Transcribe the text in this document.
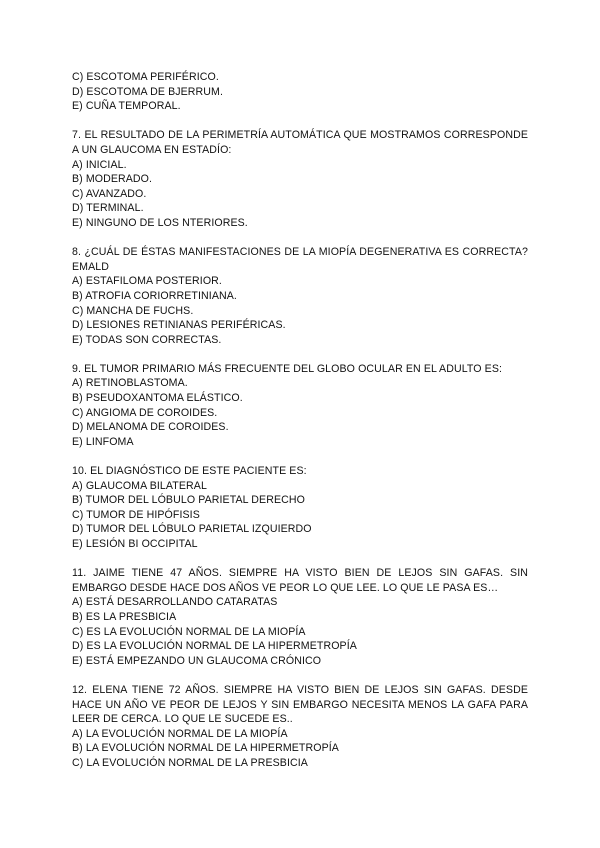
C) ESCOTOMA PERIFÉRICO.
D) ESCOTOMA DE BJERRUM.
E) CUÑA TEMPORAL.
7. EL RESULTADO DE LA PERIMETRÍA AUTOMÁTICA QUE MOSTRAMOS CORRESPONDE A UN GLAUCOMA EN ESTADÍO:
A) INICIAL.
B) MODERADO.
C) AVANZADO.
D) TERMINAL.
E) NINGUNO DE LOS NTERIORES.
8. ¿CUÁL DE ÉSTAS MANIFESTACIONES DE LA MIOPÍA DEGENERATIVA ES CORRECTA? EMALD
A) ESTAFILOMA POSTERIOR.
B) ATROFIA CORIORRETINIANA.
C) MANCHA DE FUCHS.
D) LESIONES RETINIANAS PERIFÉRICAS.
E) TODAS SON CORRECTAS.
9. EL TUMOR PRIMARIO MÁS FRECUENTE DEL GLOBO OCULAR EN EL ADULTO ES:
A) RETINOBLASTOMA.
B) PSEUDOXANTOMA ELÁSTICO.
C) ANGIOMA DE COROIDES.
D) MELANOMA DE COROIDES.
E) LINFOMA
10. EL DIAGNÓSTICO DE ESTE PACIENTE ES:
A) GLAUCOMA BILATERAL
B) TUMOR DEL LÓBULO PARIETAL DERECHO
C) TUMOR DE HIPÓFISIS
D) TUMOR DEL LÓBULO PARIETAL IZQUIERDO
E) LESIÓN BI OCCIPITAL
11. JAIME TIENE 47 AÑOS. SIEMPRE HA VISTO BIEN DE LEJOS SIN GAFAS. SIN EMBARGO DESDE HACE DOS AÑOS VE PEOR LO QUE LEE. LO QUE LE PASA ES…
A) ESTÁ DESARROLLANDO CATARATAS
B) ES LA PRESBICIA
C) ES LA EVOLUCIÓN NORMAL DE LA MIOPÍA
D) ES LA EVOLUCIÓN NORMAL DE LA HIPERMETROPÍA
E) ESTÁ EMPEZANDO UN GLAUCOMA CRÓNICO
12. ELENA TIENE 72 AÑOS. SIEMPRE HA VISTO BIEN DE LEJOS SIN GAFAS. DESDE HACE UN AÑO VE PEOR DE LEJOS Y SIN EMBARGO NECESITA MENOS LA GAFA PARA LEER DE CERCA. LO QUE LE SUCEDE ES..
A) LA EVOLUCIÓN NORMAL DE LA MIOPÍA
B) LA EVOLUCIÓN NORMAL DE LA HIPERMETROPÍA
C) LA EVOLUCIÓN NORMAL DE LA PRESBICIA
